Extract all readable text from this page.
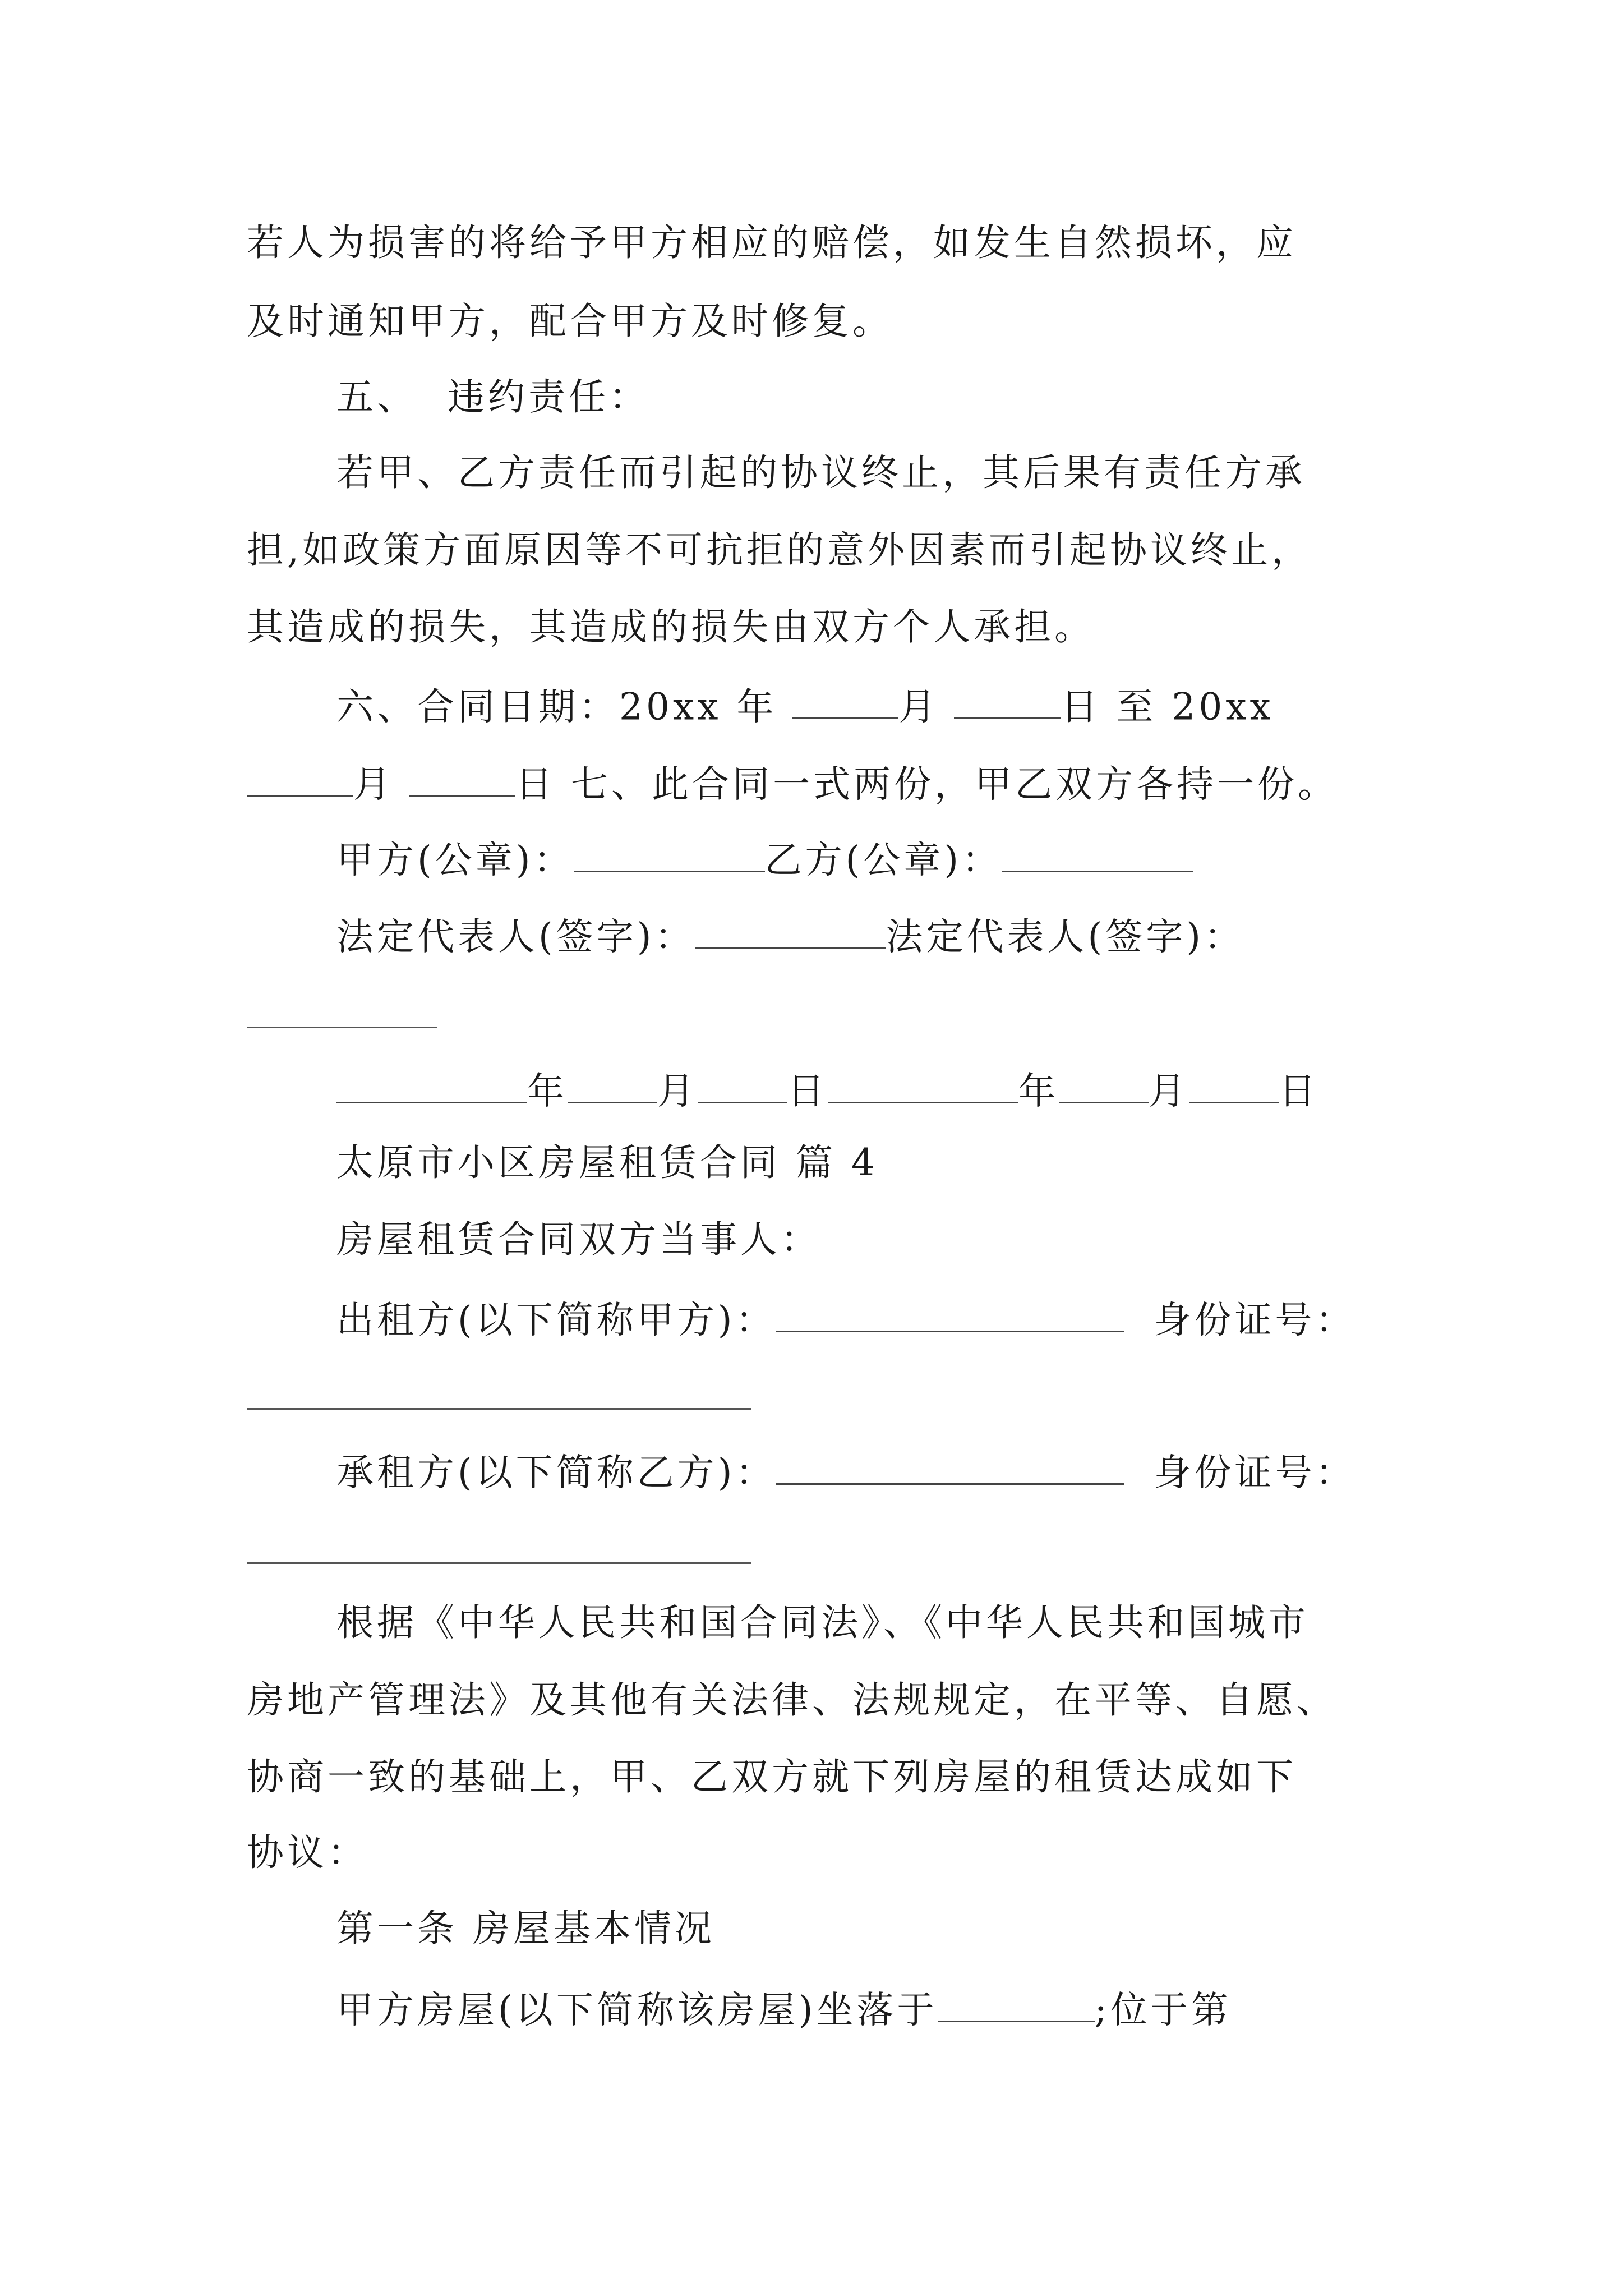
若人为损害的将给予甲方相应的赔偿，如发生自然损坏，应
及时通知甲方，配合甲方及时修复。
五、  违约责任：
若甲、乙方责任而引起的协议终止，其后果有责任方承
担,如政策方面原因等不可抗拒的意外因素而引起协议终止，
其造成的损失，其造成的损失由双方个人承担。
六、合同日期：20xx 年	月	日 至 20xx
月	日 七、此合同一式两份，甲乙双方各持一份。
甲方(公章)：	乙方(公章)：
法定代表人(签字)：	法定代表人(签字)：
年 月 日	年 月 日
太原市小区房屋租赁合同 篇 4
房屋租赁合同双方当事人：
出租方(以下简称甲方)：	身份证号：
承租方(以下简称乙方)：	身份证号：
根据《中华人民共和国合同法》、《中华人民共和国城市
房地产管理法》及其他有关法律、法规规定，在平等、自愿、
协商一致的基础上，甲、乙双方就下列房屋的租赁达成如下
协议：
第一条 房屋基本情况
甲方房屋(以下简称该房屋)坐落于	;位于第
